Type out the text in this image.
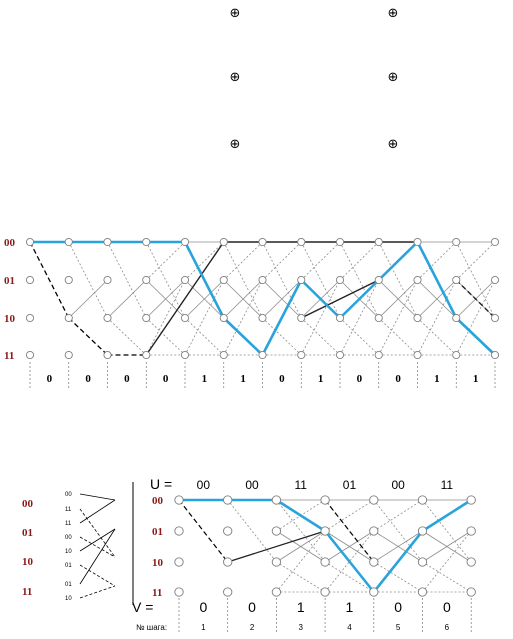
⊕	⊕
⊕	⊕
⊕	⊕
00
01
10
11
0	0	0	0	1	1	0	1	0	0	1	1
00
01
10
11
00
11
11
00
10
01
01
10
00
01
10
11
U = 00	00	11	01	00	11
V =	0	0	1	1	0	0
№ шага:	1	2	3	4	5	6
